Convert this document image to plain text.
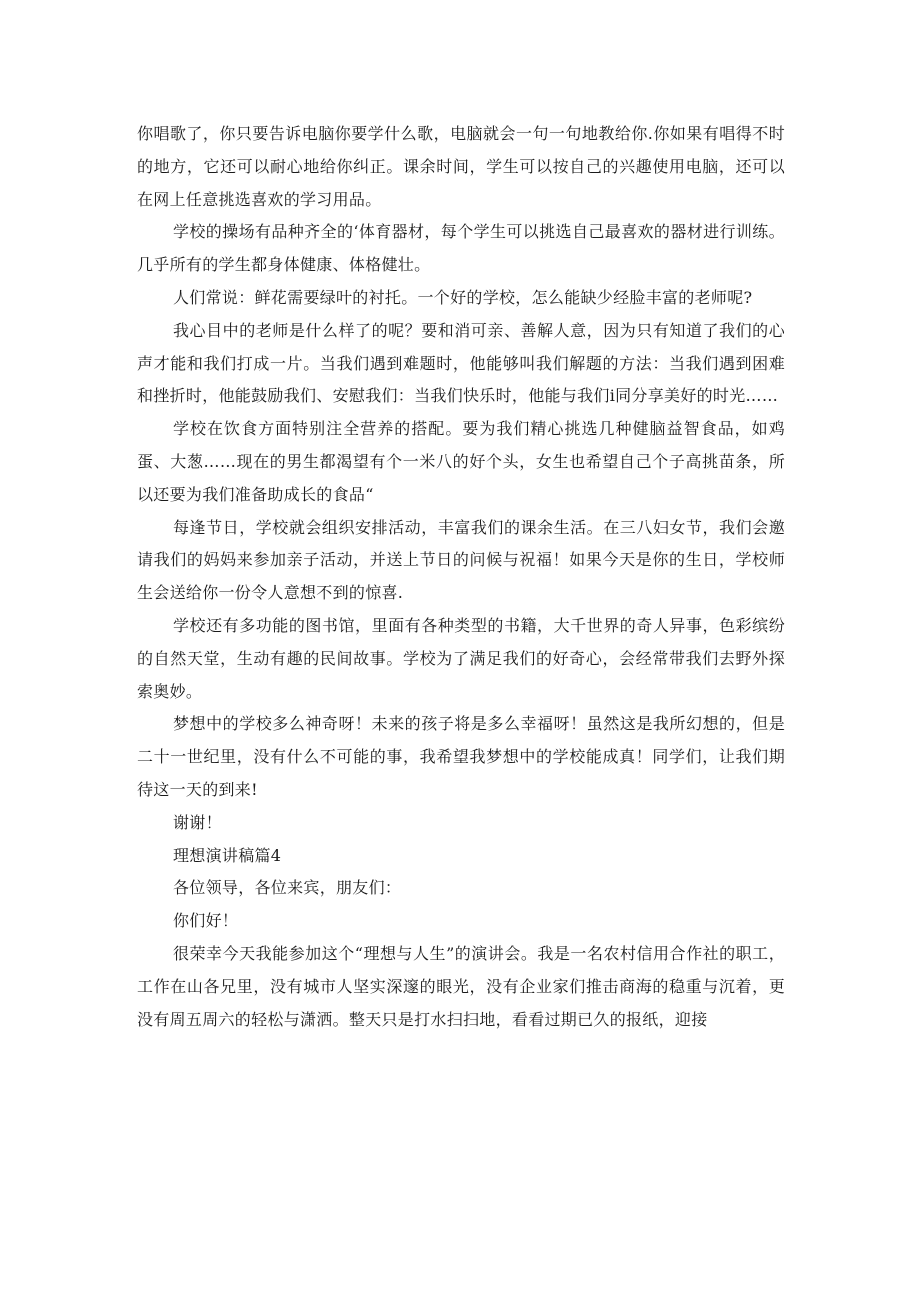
你唱歌了，你只要告诉电脑你要学什么歌，电脑就会一句一句地教给你.你如果有唱得不时的地方，它还可以耐心地给你纠正。课余时间，学生可以按自己的兴趣使用电脑，还可以在网上任意挑选喜欢的学习用品。

学校的操场有品种齐全的‘体育器材，每个学生可以挑选自己最喜欢的器材进行训练。几乎所有的学生都身体健康、体格健壮。

人们常说：鲜花需要绿叶的衬托。一个好的学校，怎么能缺少经脸丰富的老师呢?

我心目中的老师是什么样了的呢？要和消可亲、善解人意，因为只有知道了我们的心声才能和我们打成一片。当我们遇到难题时，他能够叫我们解题的方法：当我们遇到困难和挫折时，他能鼓励我们、安慰我们：当我们快乐时，他能与我们i同分享美好的时光……

学校在饮食方面特别注全营养的搭配。要为我们精心挑选几种健脑益智食品，如鸡蛋、大葱……现在的男生都渴望有个一米八的好个头，女生也希望自己个子高挑苗条，所以还要为我们准备助成长的食品“

每逢节日，学校就会组织安排活动，丰富我们的课余生活。在三八妇女节，我们会邀请我们的妈妈来参加亲子活动，并送上节日的问候与祝福！如果今天是你的生日，学校师生会送给你一份令人意想不到的惊喜.

学校还有多功能的图书馆，里面有各种类型的书籍，大千世界的奇人异事，色彩缤纷的自然天堂，生动有趣的民间故事。学校为了满足我们的好奇心，会经常带我们去野外探索奥妙。

梦想中的学校多么神奇呀！未来的孩子将是多么幸福呀！虽然这是我所幻想的，但是二十一世纪里，没有什么不可能的事，我希望我梦想中的学校能成真！同学们，让我们期待这一天的到来!

谢谢！

理想演讲稿篇4

各位领导，各位来宾，朋友们：

你们好！

很荣幸今天我能参加这个“理想与人生”的演讲会。我是一名农村信用合作社的职工，工作在山各兄里，没有城市人坚实深邃的眼光，没有企业家们推击商海的稳重与沉着，更没有周五周六的轻松与潇洒。整天只是打水扫扫地，看看过期已久的报纸，迎接
